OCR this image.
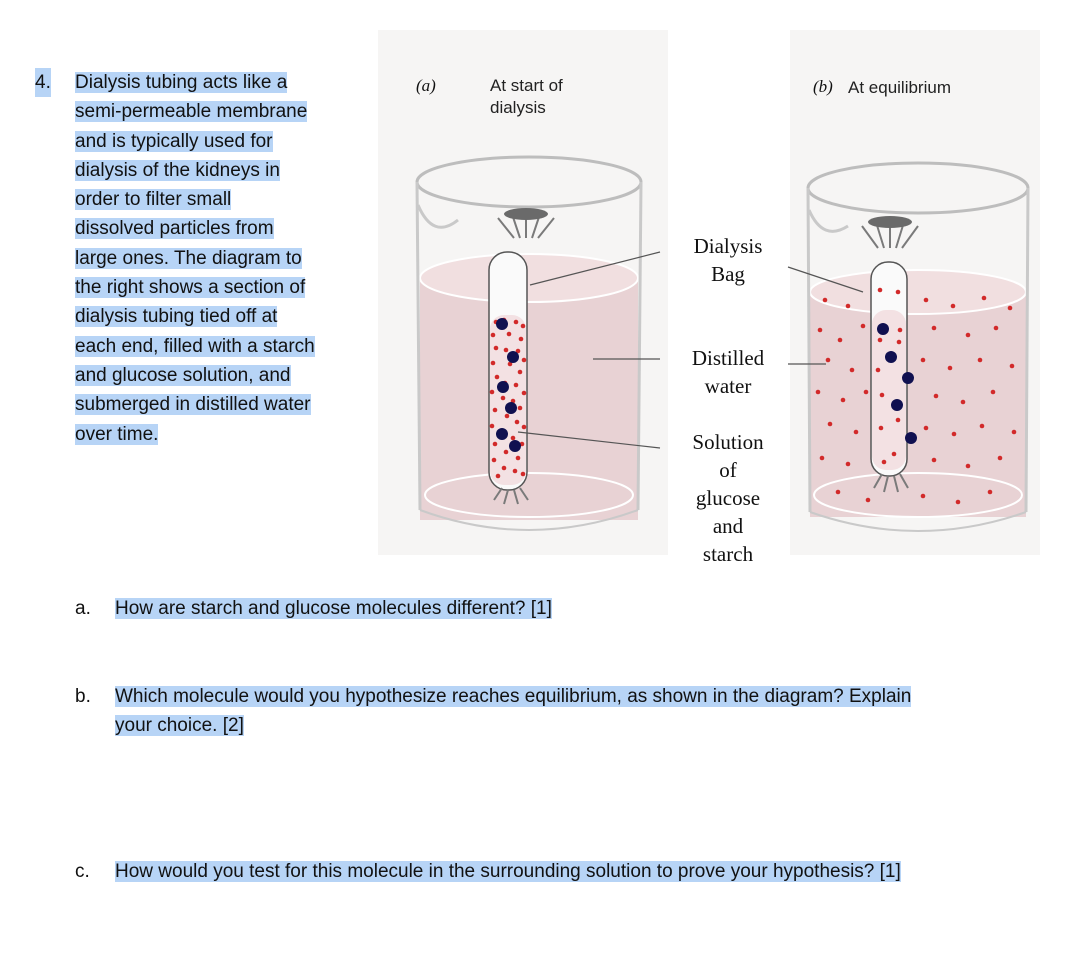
4. Dialysis tubing acts like a
semi-permeable membrane
and is typically used for
dialysis of the kidneys in
order to filter small
dissolved particles from
large ones. The diagram to
the right shows a section of
dialysis tubing tied off at
each end, filled with a starch
and glucose solution, and
submerged in distilled water
over time.

(a)	At start of
dialysis
(b) At equilibrium
Dialysis
Bag
Distilled
water
Solution
of
glucose
and
starch
a. How are starch and glucose molecules different? [1]

b. Which molecule would you hypothesize reaches equilibrium, as shown in the diagram? Explain
your choice. [2]

c. How would you test for this molecule in the surrounding solution to prove your hypothesis? [1]
